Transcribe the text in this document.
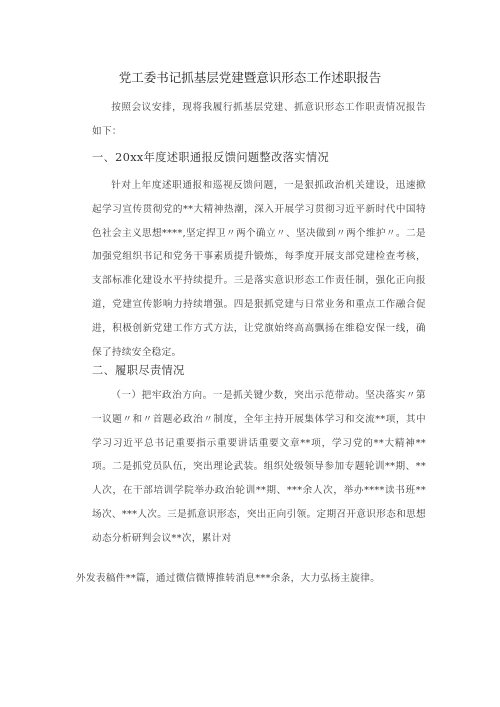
党工委书记抓基层党建暨意识形态工作述职报告

按照会议安排，现将我履行抓基层党建、抓意识形态工作职责情况报告如下：

一、20xx年度述职通报反馈问题整改落实情况

针对上年度述职通报和巡视反馈问题，一是狠抓政治机关建设，迅速掀起学习宣传贯彻党的**大精神热潮，深入开展学习贯彻习近平新时代中国特色社会主义思想****,坚定捍卫〃两个确立〃、坚决做到〃两个维护〃。二是加强党组织书记和党务干事素质提升锻炼，每季度开展支部党建检查考核，支部标准化建设水平持续提升。三是落实意识形态工作责任制，强化正向报道，党建宣传影响力持续增强。四是狠抓党建与日常业务和重点工作融合促进，积极创新党建工作方式方法，让党旗始终高高飘扬在维稳安保一线，确保了持续安全稳定。

二、履职尽责情况

（一）把牢政治方向。一是抓关键少数，突出示范带动。坚决落实〃第一议题〃和〃首题必政治〃制度，全年主持开展集体学习和交流**项，其中学习习近平总书记重要指示重要讲话重要文章**项，学习党的**大精神**项。二是抓党员队伍，突出理论武装。组织处级领导参加专题轮训**期、**人次，在干部培训学院举办政治轮训**期、***余人次，举办****读书班**场次、***人次。三是抓意识形态，突出正向引领。定期召开意识形态和思想动态分析研判会议**次，累计对

外发表稿件**篇，通过微信微博推转消息***余条，大力弘扬主旋律。
